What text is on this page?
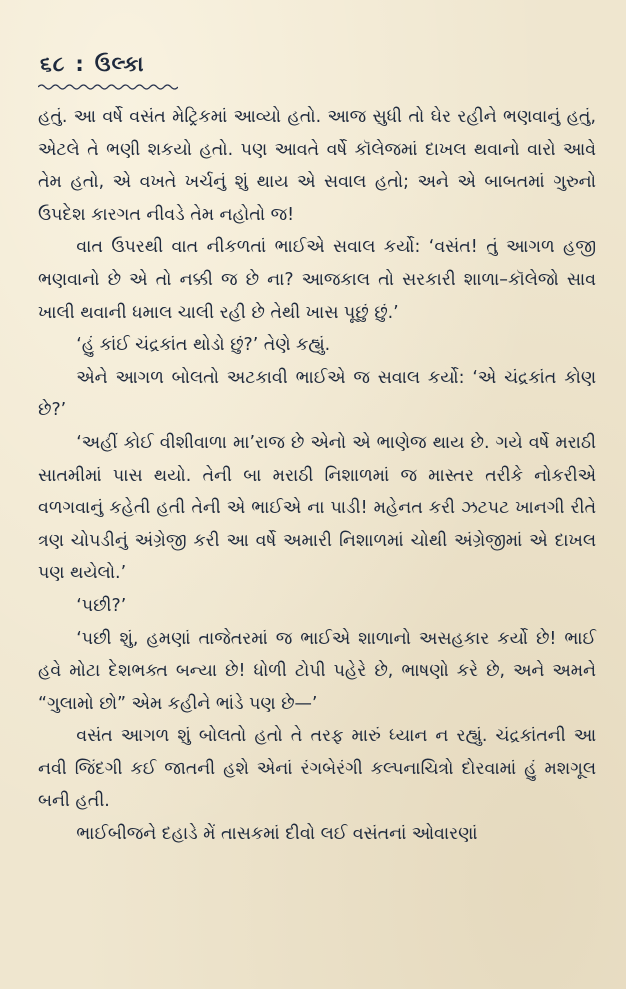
૬૮ : ઉલ્કા

હતું. આ વર્ષે વસંત મેટ્રિકમાં આવ્યો હતો. આજ સુધી તો ઘેર રહીને ભણવાનું હતું, એટલે તે ભણી શકયો હતો. પણ આવતે વર્ષે કૉલેજમાં દાખલ થવાનો વારો આવે તેમ હતો, એ વખતે ખર્ચનું શું થાય એ સવાલ હતો; અને એ બાબતમાં ગુરુનો ઉપદેશ કારગત નીવડે તેમ નહોતો જ!

વાત ઉપરથી વાત નીકળતાં ભાઈએ સવાલ કર્યો: ‘વસંત! તું આગળ હજી ભણવાનો છે એ તો નક્કી જ છે ના? આજકાલ તો સરકારી શાળા–કૉલેજો સાવ ખાલી થવાની ધમાલ ચાલી રહી છે તેથી ખાસ પૂછું છું.’

‘હું કાંઈ ચંદ્રકાંત થોડો છું?’ તેણે કહ્યું.

એને આગળ બોલતો અટકાવી ભાઈએ જ સવાલ કર્યો: ‘એ ચંદ્રકાંત કોણ છે?’

‘અહીં કોઈ વીશીવાળા મા’રાજ છે એનો એ ભાણેજ થાય છે. ગયે વર્ષે મરાઠી સાતમીમાં પાસ થયો. તેની બા મરાઠી નિશાળમાં જ માસ્તર તરીકે નોકરીએ વળગવાનું કહેતી હતી તેની એ ભાઈએ ના પાડી! મહેનત કરી ઝટપટ ખાનગી રીતે ત્રણ ચોપડીનું અંગ્રેજી કરી આ વર્ષે અમારી નિશાળમાં ચોથી અંગ્રેજીમાં એ દાખલ પણ થયેલો.’

‘પછી?’

‘પછી શું, હમણાં તાજેતરમાં જ ભાઈએ શાળાનો અસહકાર કર્યો છે! ભાઈ હવે મોટા દેશભક્ત બન્યા છે! ધોળી ટોપી પહેરે છે, ભાષણો કરે છે, અને અમને “ગુલામો છો” એમ કહીને ભાંડે પણ છે—’

વસંત આગળ શું બોલતો હતો તે તરફ મારું ધ્યાન ન રહ્યું. ચંદ્રકાંતની આ નવી જિંદગી કઈ જાતની હશે એનાં રંગબેરંગી કલ્પનાચિત્રો દોરવામાં હું મશગૂલ બની હતી.

ભાઈબીજને દહાડે મેં તાસકમાં દીવો લઈ વસંતનાં ઓવારણાં
